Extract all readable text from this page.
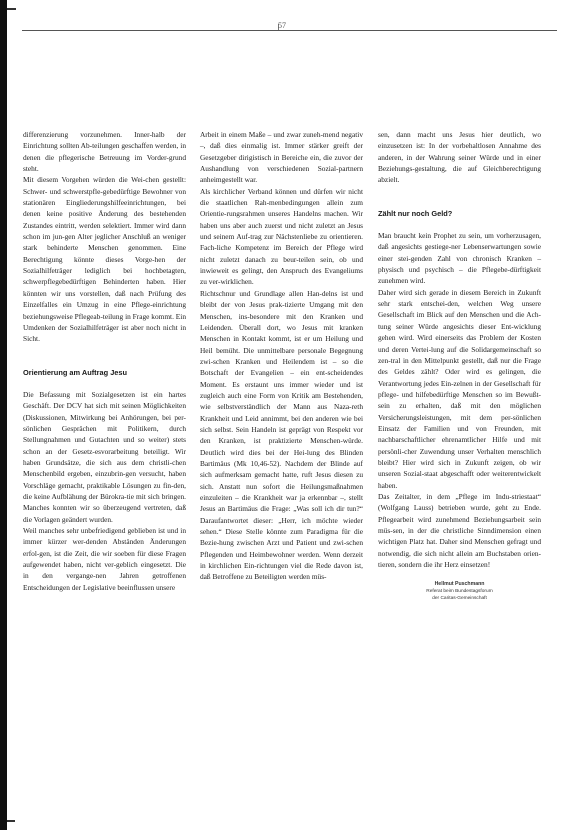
57

differenzierung vorzunehmen. Inner-halb der Einrichtung sollten Ab-teilungen geschaffen werden, in denen die pflegerische Betreuung im Vorder-grund steht.

Mit diesem Vorgehen würden die Wei-chen gestellt: Schwer- und schwerstpfle-gebedürftige Bewohner von stationären Eingliederungshilfeeinrichtungen, bei denen keine positive Änderung des bestehenden Zustandes eintritt, werden selektiert. Immer wird dann schon im jun-gen Alter jeglicher Anschluß an weniger stark behinderte Menschen genommen. Eine Berechtigung könnte dieses Vorge-hen der Sozialhilfeträger lediglich bei hochbetagten, schwerpflegebedürftigen Behinderten haben. Hier könnten wir uns vorstellen, daß nach Prüfung des Einzelfalles ein Umzug in eine Pflege-einrichtung beziehungsweise Pflegeab-teilung in Frage kommt. Ein Umdenken der Sozialhilfeträger ist aber noch nicht in Sicht.

Orientierung am Auftrag Jesu

Die Befassung mit Sozialgesetzen ist ein hartes Geschäft. Der DCV hat sich mit seinen Möglichkeiten (Diskussionen, Mitwirkung bei Anhörungen, bei per-sönlichen Gesprächen mit Politikern, durch Stellungnahmen und Gutachten und so weiter) stets schon an der Gesetz-esvorarbeitung beteiligt. Wir haben Grundsätze, die sich aus dem christli-chen Menschenbild ergeben, einzubrin-gen versucht, haben Vorschläge gemacht, praktikable Lösungen zu fin-den, die keine Aufblähung der Bürokra-tie mit sich bringen. Manches konnten wir so überzeugend vertreten, daß die Vorlagen geändert wurden.

Weil manches sehr unbefriedigend geblieben ist und in immer kürzer wer-denden Abständen Änderungen erfol-gen, ist die Zeit, die wir soeben für diese Fragen aufgewendet haben, nicht ver-geblich eingesetzt. Die in den vergange-nen Jahren getroffenen Entscheidungen der Legislative beeinflussen unsere

Arbeit in einem Maße – und zwar zuneh-mend negativ –, daß dies einmalig ist. Immer stärker greift der Gesetzgeber dirigistisch in Bereiche ein, die zuvor der Aushandlung von verschiedenen Sozial-partnern anheimgestellt war.

Als kirchlicher Verband können und dürfen wir nicht die staatlichen Rah-menbedingungen allein zum Orientie-rungsrahmen unseres Handelns machen. Wir haben uns aber auch zuerst und nicht zuletzt an Jesus und seinem Auf-trag zur Nächstenliebe zu orientieren. Fach-liche Kompetenz im Bereich der Pflege wird nicht zuletzt danach zu beur-teilen sein, ob und inwieweit es gelingt, den Anspruch des Evangeliums zu ver-wirklichen.

Richtschnur und Grundlage allen Han-delns ist und bleibt der von Jesus prak-tizierte Umgang mit den Menschen, ins-besondere mit den Kranken und Leidenden. Überall dort, wo Jesus mit kranken Menschen in Kontakt kommt, ist er um Heilung und Heil bemüht. Die unmittelbare personale Begegnung zwi-schen Kranken und Heilendem ist – so die Botschaft der Evangelien – ein ent-scheidendes Moment. Es erstaunt uns immer wieder und ist zugleich auch eine Form von Kritik am Bestehenden, wie selbstverständlich der Mann aus Naza-reth Krankheit und Leid annimmt, bei den anderen wie bei sich selbst. Sein Handeln ist geprägt von Respekt vor den Kranken, ist praktizierte Menschen-würde. Deutlich wird dies bei der Hei-lung des Blinden Bartimäus (Mk 10,46-52). Nachdem der Blinde auf sich aufmerksam gemacht hatte, ruft Jesus diesen zu sich. Anstatt nun sofort die Heilungsmaßnahmen einzuleiten – die Krankheit war ja erkennbar –, stellt Jesus an Bartimäus die Frage: „Was soll ich dir tun?“ Daraufantwortet dieser: „Herr, ich möchte wieder sehen.“ Diese Stelle könnte zum Paradigma für die Bezie-hung zwischen Arzt und Patient und zwi-schen Pflegenden und Heimbewohner werden. Wenn derzeit in kirchlichen Ein-richtungen viel die Rede davon ist, daß Betroffene zu Beteiligten werden müs-

sen, dann macht uns Jesus hier deutlich, wo einzusetzen ist: In der vorbehaltlosen Annahme des anderen, in der Wahrung seiner Würde und in einer Beziehungs-gestaltung, die auf Gleichberechtigung abzielt.

Zählt nur noch Geld?

Man braucht kein Prophet zu sein, um vorherzusagen, daß angesichts gestiege-ner Lebenserwartungen sowie einer stei-genden Zahl von chronisch Kranken – physisch und psychisch – die Pflegebe-dürftigkeit zunehmen wird.

Daher wird sich gerade in diesem Bereich in Zukunft sehr stark entschei-den, welchen Weg unsere Gesellschaft im Blick auf den Menschen und die Ach-tung seiner Würde angesichts dieser Ent-wicklung gehen wird. Wird einerseits das Problem der Kosten und deren Vertei-lung auf die Solidargemeinschaft so zen-tral in den Mittelpunkt gestellt, daß nur die Frage des Geldes zählt? Oder wird es gelingen, die Verantwortung jedes Ein-zelnen in der Gesellschaft für pflege- und hilfebedürftige Menschen so im Bewußt-sein zu erhalten, daß mit den möglichen Versicherungsleistungen, mit dem per-sönlichen Einsatz der Familien und von Freunden, mit nachbarschaftlicher ehrenamtlicher Hilfe und mit persönli-cher Zuwendung unser Verhalten menschlich bleibt? Hier wird sich in Zukunft zeigen, ob wir unseren Sozial-staat abgeschafft oder weiterentwickelt haben.

Das Zeitalter, in dem „Pflege im Indu-striestaat“ (Wolfgang Lauss) betrieben wurde, geht zu Ende. Pflegearbeit wird zunehmend Beziehungsarbeit sein müs-sen, in der die christliche Sinndimension einen wichtigen Platz hat. Daher sind Menschen gefragt und notwendig, die sich nicht allein am Buchstaben orien-tieren, sondern die ihr Herz einsetzen!

Hellmut Puschmann
Referat beim Bundestagsforum
der Caritas-Gemeinschaft
